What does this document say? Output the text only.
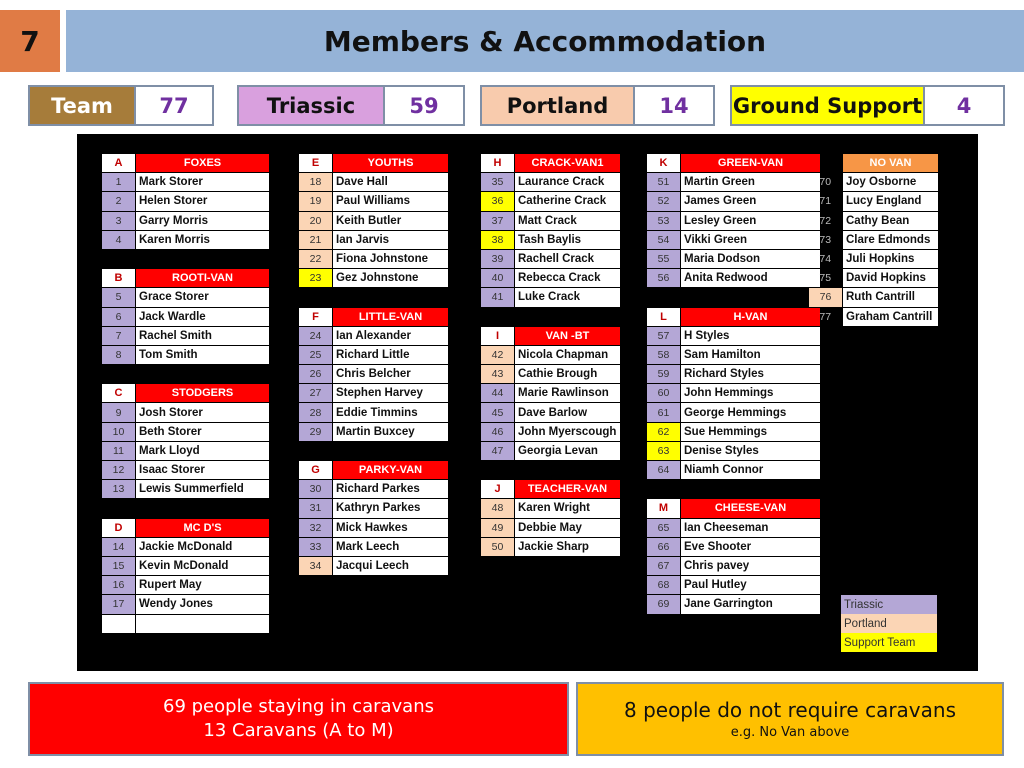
7	Members & Accommodation
Team	77	Triassic	59	Portland	14	Ground Support	4
A	FOXES
1	Mark Storer
2	Helen Storer
3	Garry Morris
4	Karen Morris

B	ROOTI-VAN
5	Grace Storer
6	Jack Wardle
7	Rachel Smith
8	Tom Smith

C	STODGERS
9	Josh Storer
10	Beth Storer
11	Mark Lloyd
12	Isaac Storer
13	Lewis Summerfield

D	MC D'S
14	Jackie McDonald
15	Kevin McDonald
16	Rupert May
17	Wendy Jones

E	YOUTHS
18	Dave Hall
19	Paul Williams
20	Keith Butler
21	Ian Jarvis
22	Fiona Johnstone
23	Gez Johnstone

F	LITTLE-VAN
24	Ian Alexander
25	Richard Little
26	Chris Belcher
27	Stephen Harvey
28	Eddie Timmins
29	Martin Buxcey

G	PARKY-VAN
30	Richard Parkes
31	Kathryn Parkes
32	Mick Hawkes
33	Mark Leech
34	Jacqui Leech
H	CRACK-VAN1
35	Laurance Crack
36	Catherine Crack
37	Matt Crack
38	Tash Baylis
39	Rachell Crack
40	Rebecca Crack
41	Luke Crack

I	VAN -BT
42	Nicola Chapman
43	Cathie Brough
44	Marie Rawlinson
45	Dave Barlow
46	John Myerscough
47	Georgia Levan

J	TEACHER-VAN
48	Karen Wright
49	Debbie May
50	Jackie Sharp
K	GREEN-VAN
51	Martin Green
52	James Green
53	Lesley Green
54	Vikki Green
55	Maria Dodson
56	Anita Redwood

L	H-VAN
57	H Styles
58	Sam Hamilton
59	Richard Styles
60	John Hemmings
61	George Hemmings
62	Sue Hemmings
63	Denise Styles
64	Niamh Connor

M	CHEESE-VAN
65	Ian Cheeseman
66	Eve Shooter
67	Chris pavey
68	Paul Hutley
69	Jane Garrington
	NO VAN
70	Joy Osborne
71	Lucy England
72	Cathy Bean
73	Clare Edmonds
74	Juli Hopkins
75	David Hopkins
76	Ruth Cantrill
77	Graham Cantrill
Triassic
Portland
Support Team
69 people staying in caravans
13 Caravans (A to M)
8 people do not require caravans
e.g. No Van above
